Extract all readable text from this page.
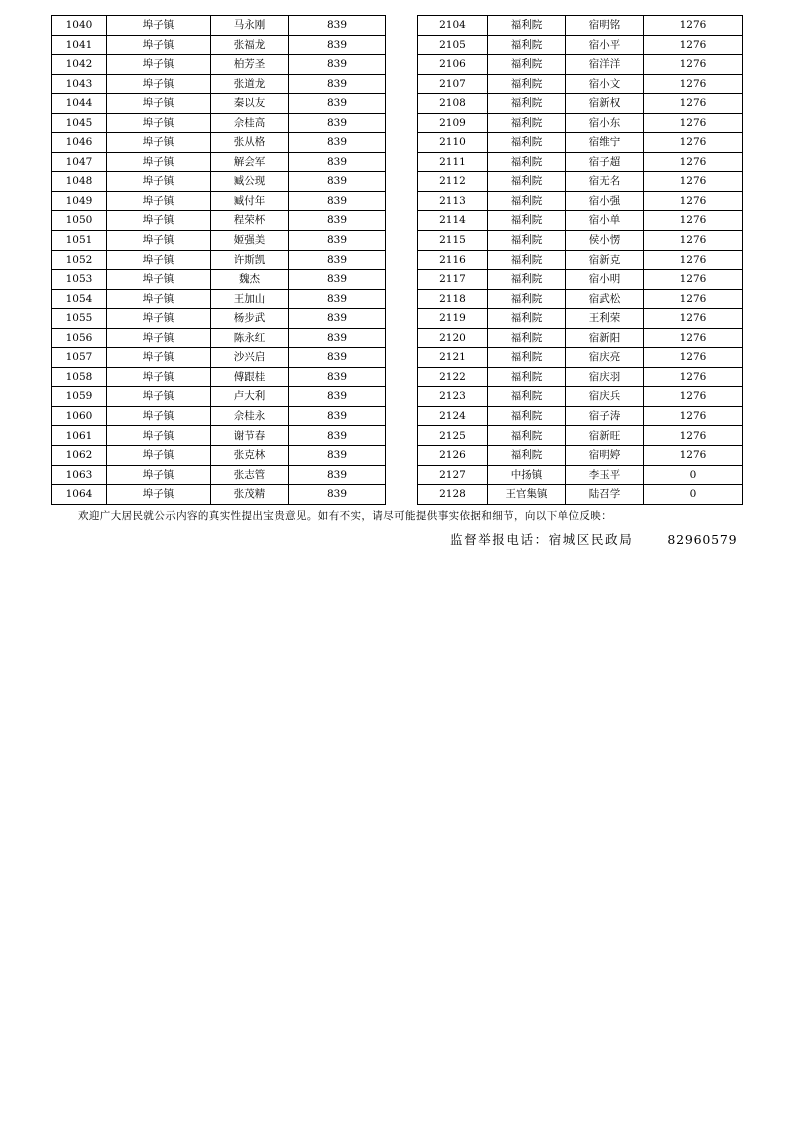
1040	埠子镇	马永刚	839
1041	埠子镇	张福龙	839
1042	埠子镇	柏芳圣	839
1043	埠子镇	张道龙	839
1044	埠子镇	秦以友	839
1045	埠子镇	佘桂高	839
1046	埠子镇	张从格	839
1047	埠子镇	解会军	839
1048	埠子镇	臧公现	839
1049	埠子镇	臧付年	839
1050	埠子镇	程荣杯	839
1051	埠子镇	姬强美	839
1052	埠子镇	许斯凯	839
1053	埠子镇	魏杰	839
1054	埠子镇	王加山	839
1055	埠子镇	杨步武	839
1056	埠子镇	陈永红	839
1057	埠子镇	沙兴启	839
1058	埠子镇	傅跟桂	839
1059	埠子镇	卢大利	839
1060	埠子镇	佘桂永	839
1061	埠子镇	谢节春	839
1062	埠子镇	张克林	839
1063	埠子镇	张志管	839
1064	埠子镇	张茂精	839
2104	福利院	宿明铭	1276
2105	福利院	宿小平	1276
2106	福利院	宿洋洋	1276
2107	福利院	宿小文	1276
2108	福利院	宿新权	1276
2109	福利院	宿小东	1276
2110	福利院	宿维宁	1276
2111	福利院	宿子超	1276
2112	福利院	宿无名	1276
2113	福利院	宿小强	1276
2114	福利院	宿小单	1276
2115	福利院	侯小愣	1276
2116	福利院	宿新克	1276
2117	福利院	宿小明	1276
2118	福利院	宿武松	1276
2119	福利院	王利荣	1276
2120	福利院	宿新阳	1276
2121	福利院	宿庆亮	1276
2122	福利院	宿庆羽	1276
2123	福利院	宿庆兵	1276
2124	福利院	宿子涛	1276
2125	福利院	宿新旺	1276
2126	福利院	宿明婷	1276
2127	中扬镇	李玉平	0
2128	王官集镇	陆召学	0
欢迎广大居民就公示内容的真实性提出宝贵意见。如有不实，请尽可能提供事实依据和细节，向以下单位反映：
监督举报电话：宿城区民政局	82960579
